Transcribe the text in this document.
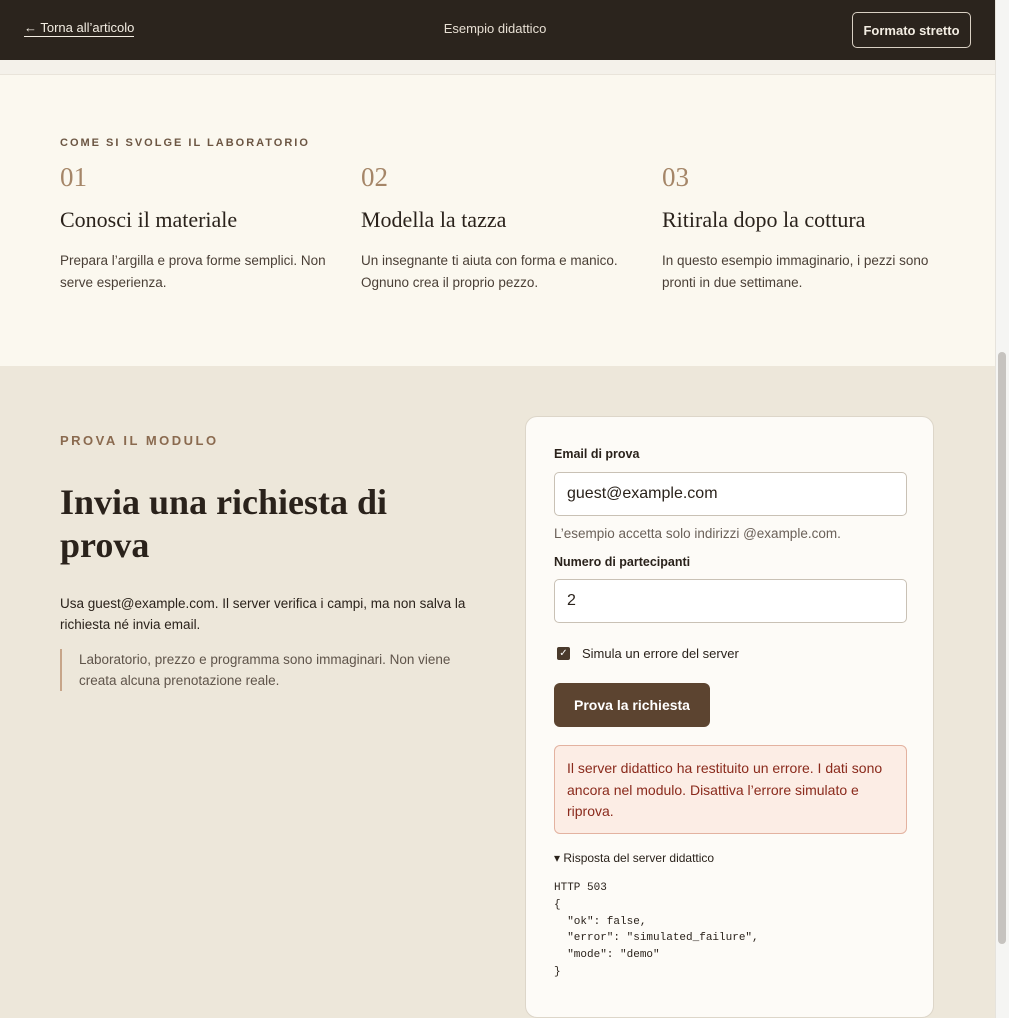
← Torna all’articolo	Esempio didattico	Formato stretto
COME SI SVOLGE IL LABORATORIO
01
Conosci il materiale
Prepara l’argilla e prova forme semplici. Non serve esperienza.
02
Modella la tazza
Un insegnante ti aiuta con forma e manico. Ognuno crea il proprio pezzo.
03
Ritirala dopo la cottura
In questo esempio immaginario, i pezzi sono pronti in due settimane.
PROVA IL MODULO
Invia una richiesta di prova

Usa guest@example.com. Il server verifica i campi, ma non salva la richiesta né invia email.

Laboratorio, prezzo e programma sono immaginari. Non viene creata alcuna prenotazione reale.
Email di prova
guest@example.com
L’esempio accetta solo indirizzi @example.com.
Numero di partecipanti
2
✓ Simula un errore del server
Prova la richiesta
Il server didattico ha restituito un errore. I dati sono ancora nel modulo. Disattiva l’errore simulato e riprova.
▾ Risposta del server didattico
HTTP 503
{
"ok": false,
"error": "simulated_failure",
"mode": "demo"
}
